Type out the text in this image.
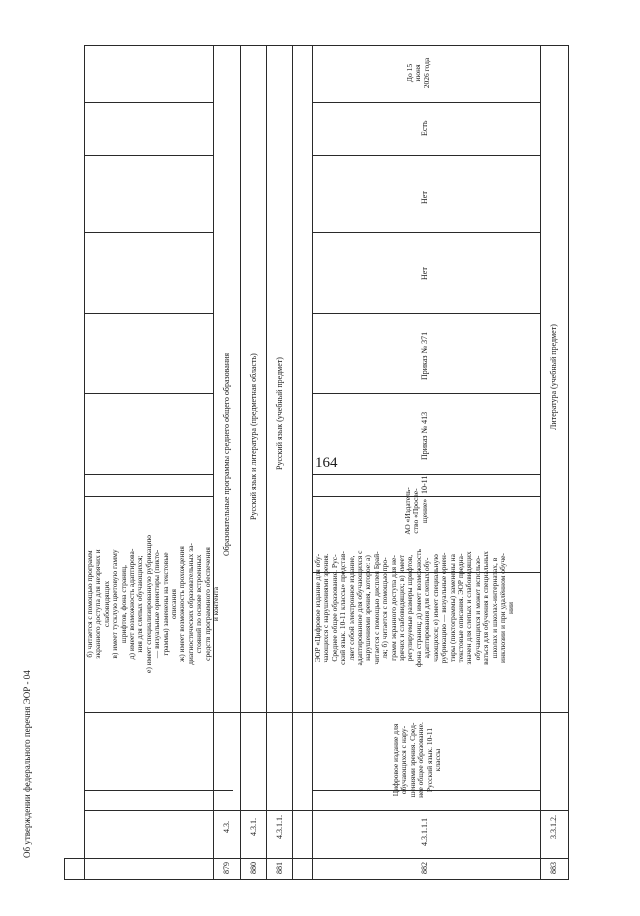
164
Об утверждении федерального перечня ЭОР - 04
б) читается с помощью программ экранного доступа для незрячих и слабовидящих в) имеет тусклую цветовую гамму шрифтов, фона страниц, д) имеет возможность адаптирова- ния для слепых обучающихся; е) имеет специализированную рубрикацию — визуальные ориентиры (пикто- граммы) заменены на текстовые описания ж) имеет возможность прохождения диагностических образовательных за- стояний по основе встроенных средств программного обеспечения и контента
879
4.3.
Образовательные программы среднего общего образования
880
4.3.1.
Русский язык и литература (предметная область)
881
4.3.1.1.
Русский язык (учебный предмет)
882
4.3.1.1.1
Цифровое издание для обучающихся с нару- шениями зрения. Сред- нее общее образование. Русский язык. 10-11 классы
ЭОР «Цифровое издание для обу- чающихся с нарушениями зрения. Среднее общее образование. Рус- ский язык. 10-11 классы» представ- ляет собой электронное издание, адаптированное для обучающихся с нарушениями зрения, которое: а) читается с помощью дисплея Брай- ля; б) читается с помощью про- грамм экранного доступа для не- зрячих и слабовидящих; в) имеет регулируемые размеры шрифтов, фона страниц; д) имеет возможность адаптирования для слепых обу- чающихся; е) имеет специальную рубрикацию — визуальные ориен- тиры (пиктограммы) заменены на текстовые описания. ЭОР предна- значен для слепых и слабовидящих обучающихся и может использо- ваться для обучения в специальных школах и школах-интернатах, в инклюзии и при удалённом обуче- нии
АО «Издатель- ство «Просве- щение»
10-11
Приказ № 413
Приказ № 371
Нет
Нет
Есть
До 15 июня 2026 года
883
3.3.1.2.
Литература (учебный предмет)
